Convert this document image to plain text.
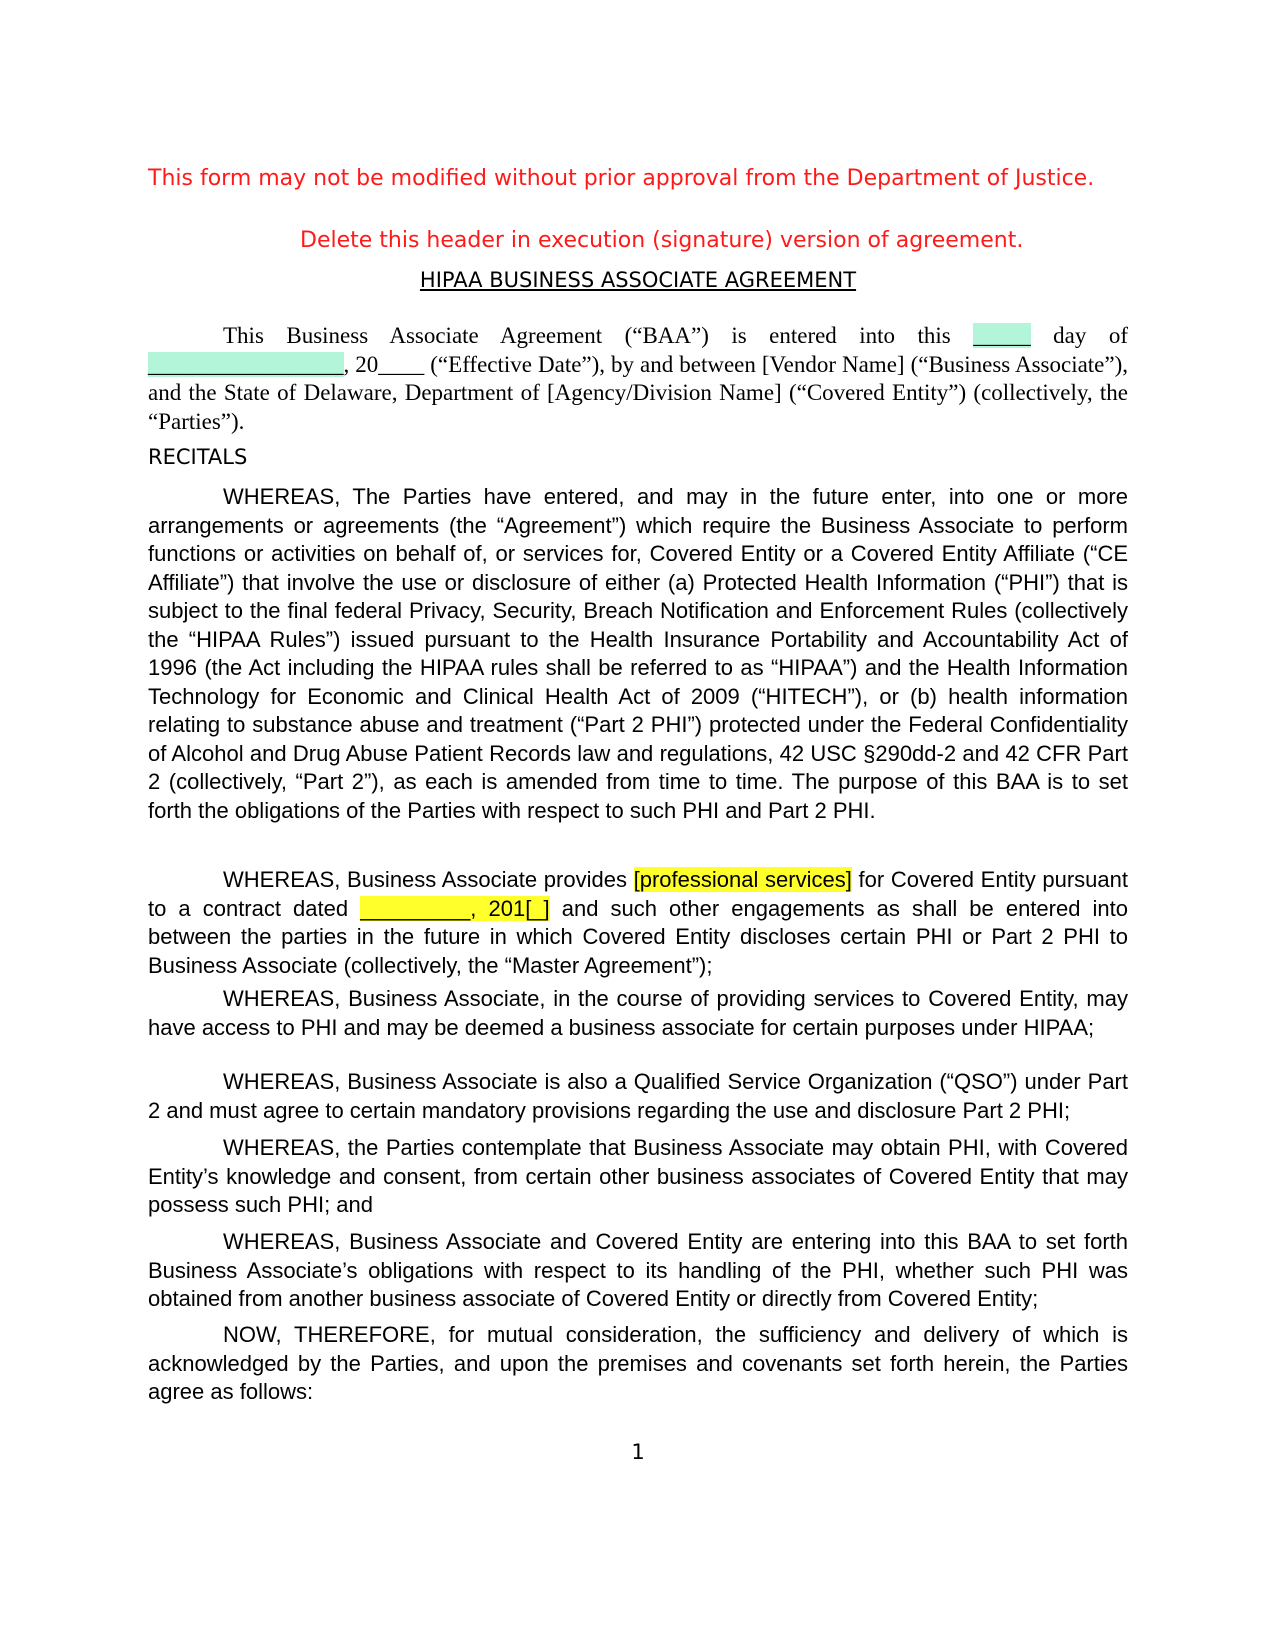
This form may not be modified without prior approval from the Department of Justice.
Delete this header in execution (signature) version of agreement.
HIPAA BUSINESS ASSOCIATE AGREEMENT
This Business Associate Agreement (“BAA”) is entered into this _____ day of _________________, 20____ (“Effective Date”), by and between [Vendor Name] (“Business Associate”), and the State of Delaware, Department of [Agency/Division Name] (“Covered Entity”) (collectively, the “Parties”).
RECITALS
WHEREAS, The Parties have entered, and may in the future enter, into one or more arrangements or agreements (the “Agreement”) which require the Business Associate to perform functions or activities on behalf of, or services for, Covered Entity or a Covered Entity Affiliate (“CE Affiliate”) that involve the use or disclosure of either (a) Protected Health Information (“PHI”) that is subject to the final federal Privacy, Security, Breach Notification and Enforcement Rules (collectively the “HIPAA Rules”) issued pursuant to the Health Insurance Portability and Accountability Act of 1996 (the Act including the HIPAA rules shall be referred to as “HIPAA”) and the Health Information Technology for Economic and Clinical Health Act of 2009 (“HITECH”), or (b) health information relating to substance abuse and treatment (“Part 2 PHI”) protected under the Federal Confidentiality of Alcohol and Drug Abuse Patient Records law and regulations, 42 USC §290dd-2 and 42 CFR Part 2 (collectively, “Part 2”), as each is amended from time to time. The purpose of this BAA is to set forth the obligations of the Parties with respect to such PHI and Part 2 PHI.
WHEREAS, Business Associate provides [professional services] for Covered Entity pursuant to a contract dated _________, 201[_] and such other engagements as shall be entered into between the parties in the future in which Covered Entity discloses certain PHI or Part 2 PHI to Business Associate (collectively, the “Master Agreement”);
WHEREAS, Business Associate, in the course of providing services to Covered Entity, may have access to PHI and may be deemed a business associate for certain purposes under HIPAA;
WHEREAS, Business Associate is also a Qualified Service Organization (“QSO”) under Part 2 and must agree to certain mandatory provisions regarding the use and disclosure Part 2 PHI;
WHEREAS, the Parties contemplate that Business Associate may obtain PHI, with Covered Entity’s knowledge and consent, from certain other business associates of Covered Entity that may possess such PHI; and
WHEREAS, Business Associate and Covered Entity are entering into this BAA to set forth Business Associate’s obligations with respect to its handling of the PHI, whether such PHI was obtained from another business associate of Covered Entity or directly from Covered Entity;
NOW, THEREFORE, for mutual consideration, the sufficiency and delivery of which is acknowledged by the Parties, and upon the premises and covenants set forth herein, the Parties agree as follows:
1
